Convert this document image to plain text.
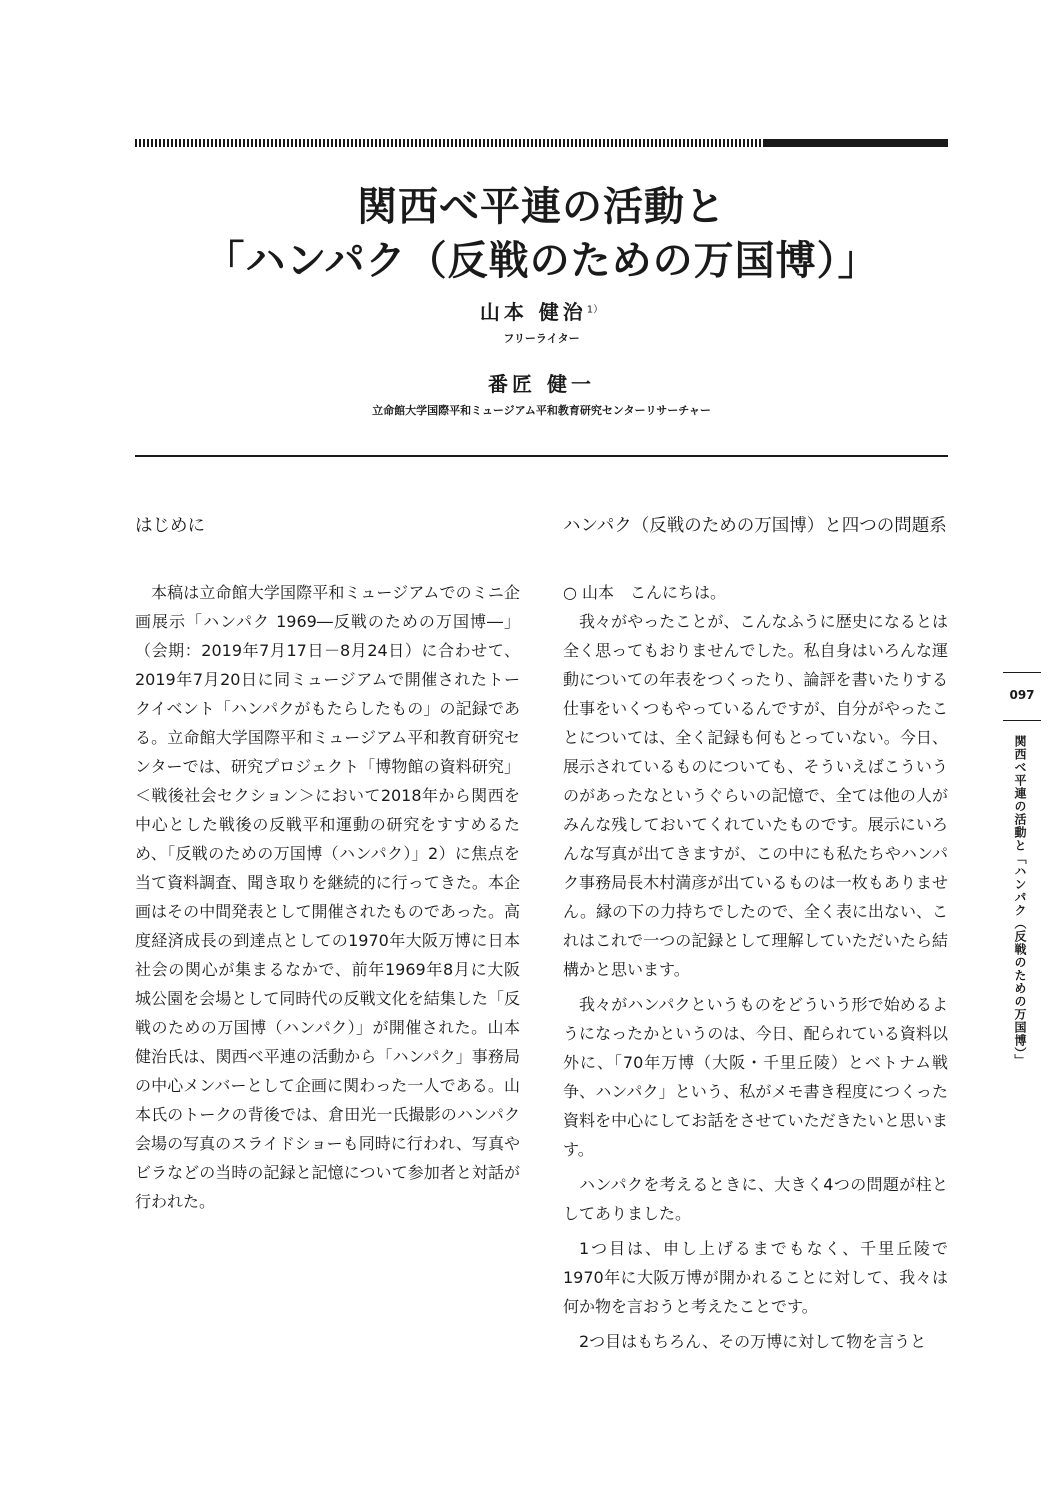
関西べ平連の活動と
「ハンパク（反戦のための万国博）」

山本 健治$^{1)}$

フリーライター

番匠 健一

立命館大学国際平和ミュージアム平和教育研究センターリサーチャー

はじめに

本稿は立命館大学国際平和ミュージアムでのミニ企画展示「ハンパク 1969―反戦のための万国博―」（会期：2019年7月17日－8月24日）に合わせて、2019年7月20日に同ミュージアムで開催されたトークイベント「ハンパクがもたらしたもの」の記録である。立命館大学国際平和ミュージアム平和教育研究センターでは、研究プロジェクト「博物館の資料研究」＜戦後社会セクション＞において2018年から関西を中心とした戦後の反戦平和運動の研究をすすめるため、「反戦のための万国博（ハンパク）」2）に焦点を当て資料調査、聞き取りを継続的に行ってきた。本企画はその中間発表として開催されたものであった。高度経済成長の到達点としての1970年大阪万博に日本社会の関心が集まるなかで、前年1969年8月に大阪城公園を会場として同時代の反戦文化を結集した「反戦のための万国博（ハンパク）」が開催された。山本健治氏は、関西べ平連の活動から「ハンパク」事務局の中心メンバーとして企画に関わった一人である。山本氏のトークの背後では、倉田光一氏撮影のハンパク会場の写真のスライドショーも同時に行われ、写真やビラなどの当時の記録と記憶について参加者と対話が行われた。

ハンパク（反戦のための万国博）と四つの問題系

○ 山本　こんにちは。

我々がやったことが、こんなふうに歴史になるとは全く思ってもおりませんでした。私自身はいろんな運動についての年表をつくったり、論評を書いたりする仕事をいくつもやっているんですが、自分がやったことについては、全く記録も何もとっていない。今日、展示されているものについても、そういえばこういうのがあったなというぐらいの記憶で、全ては他の人がみんな残しておいてくれていたものです。展示にいろんな写真が出てきますが、この中にも私たちやハンパク事務局長木村満彦が出ているものは一枚もありません。縁の下の力持ちでしたので、全く表に出ない、これはこれで一つの記録として理解していただいたら結構かと思います。

我々がハンパクというものをどういう形で始めるようになったかというのは、今日、配られている資料以外に、「70年万博（大阪・千里丘陵）とベトナム戦争、ハンパク」という、私がメモ書き程度につくった資料を中心にしてお話をさせていただきたいと思います。

ハンパクを考えるときに、大きく4つの問題が柱としてありました。

1つ目は、申し上げるまでもなく、千里丘陵で1970年に大阪万博が開かれることに対して、我々は何か物を言おうと考えたことです。

2つ目はもちろん、その万博に対して物を言うと

097
関西べ平連の活動と「ハンパク（反戦のための万国博）」
